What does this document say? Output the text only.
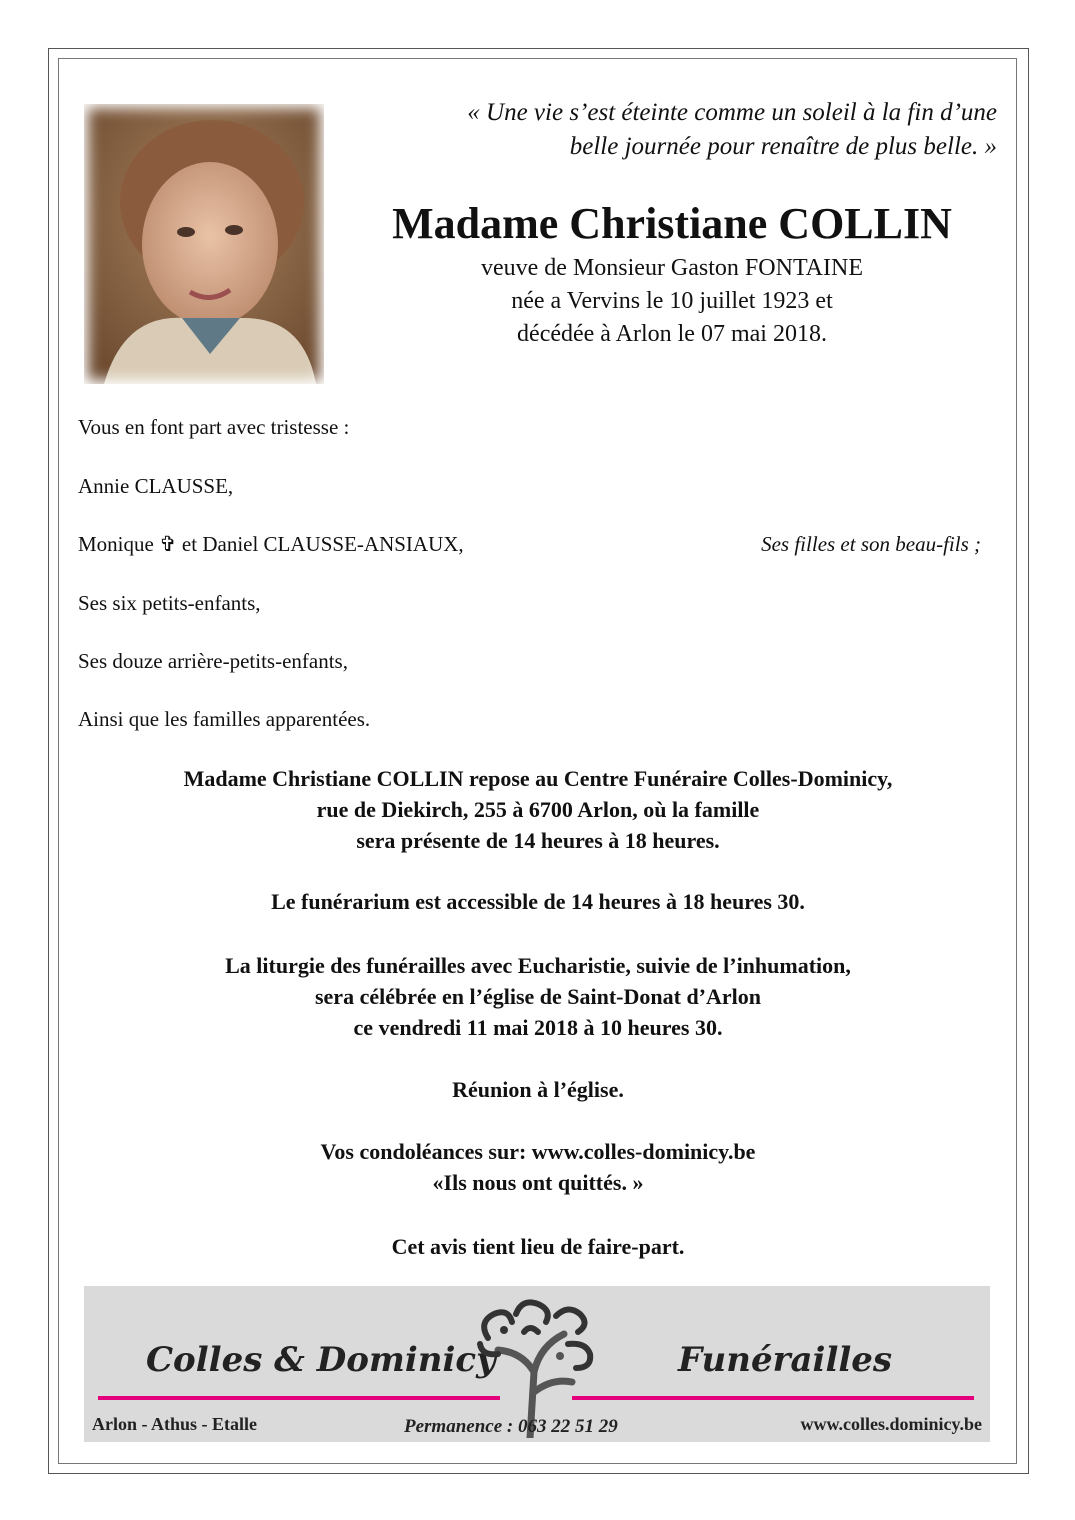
« Une vie s’est éteinte comme un soleil à la fin d’une
belle journée pour renaître de plus belle. »
Madame Christiane COLLIN
veuve de Monsieur Gaston FONTAINE
née a Vervins le 10 juillet 1923 et
décédée à Arlon le 07 mai 2018.
Vous en font part avec tristesse :
Annie CLAUSSE,
Monique ✞ et Daniel CLAUSSE-ANSIAUX,	Ses filles et son beau-fils ;
Ses six petits-enfants,
Ses douze arrière-petits-enfants,
Ainsi que les familles apparentées.
Madame Christiane COLLIN repose au Centre Funéraire Colles-Dominicy,
rue de Diekirch, 255 à 6700 Arlon, où la famille
sera présente de 14 heures à 18 heures.
Le funérarium est accessible de 14 heures à 18 heures 30.
La liturgie des funérailles avec Eucharistie, suivie de l’inhumation,
sera célébrée en l’église de Saint-Donat d’Arlon
ce vendredi 11 mai 2018 à 10 heures 30.
Réunion à l’église.
Vos condoléances sur: www.colles-dominicy.be
«Ils nous ont quittés. »
Cet avis tient lieu de faire-part.
Colles & Dominicy	Funérailles
Arlon - Athus - Etalle	Permanence : 063 22 51 29	www.colles.dominicy.be
